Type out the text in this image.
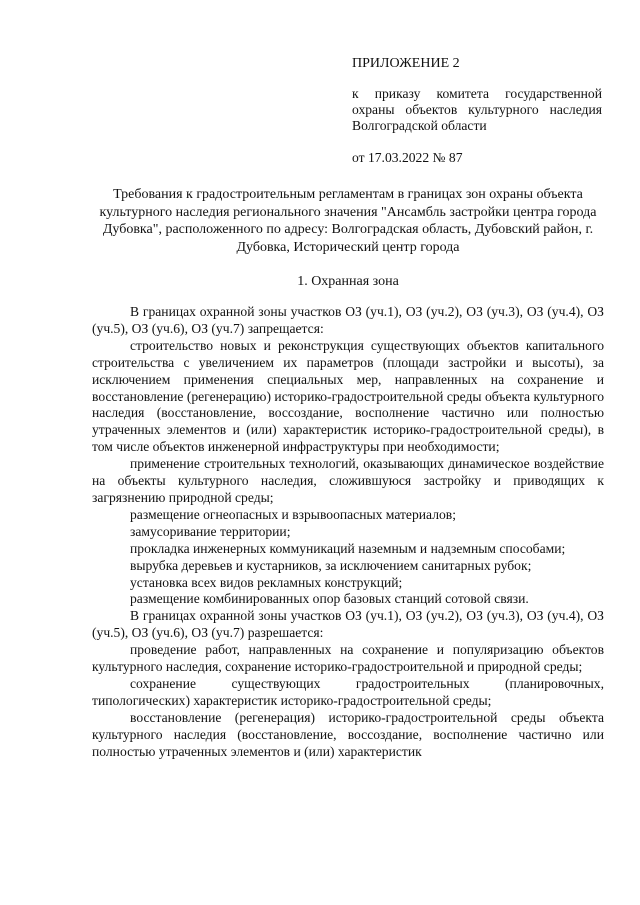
ПРИЛОЖЕНИЕ 2
к приказу комитета государственной охраны объектов культурного наследия Волгоградской области
от 17.03.2022 № 87
Требования к градостроительным регламентам в границах зон охраны объекта культурного наследия регионального значения "Ансамбль застройки центра города Дубовка", расположенного по адресу: Волгоградская область, Дубовский район, г. Дубовка, Исторический центр города
1. Охранная зона

В границах охранной зоны участков ОЗ (уч.1), ОЗ (уч.2), ОЗ (уч.3), ОЗ (уч.4), ОЗ (уч.5), ОЗ (уч.6), ОЗ (уч.7) запрещается:

строительство новых и реконструкция существующих объектов капитального строительства с увеличением их параметров (площади застройки и высоты), за исключением применения специальных мер, направленных на сохранение и восстановление (регенерацию) историко-градостроительной среды объекта культурного наследия (восстановление, воссоздание, восполнение частично или полностью утраченных элементов и (или) характеристик историко-градостроительной среды), в том числе объектов инженерной инфраструктуры при необходимости;

применение строительных технологий, оказывающих динамическое воздействие на объекты культурного наследия, сложившуюся застройку и приводящих к загрязнению природной среды;

размещение огнеопасных и взрывоопасных материалов;

замусоривание территории;

прокладка инженерных коммуникаций наземным и надземным способами;

вырубка деревьев и кустарников, за исключением санитарных рубок;

установка всех видов рекламных конструкций;

размещение комбинированных опор базовых станций сотовой связи.

В границах охранной зоны участков ОЗ (уч.1), ОЗ (уч.2), ОЗ (уч.3), ОЗ (уч.4), ОЗ (уч.5), ОЗ (уч.6), ОЗ (уч.7) разрешается:

проведение работ, направленных на сохранение и популяризацию объектов культурного наследия, сохранение историко-градостроительной и природной среды;

сохранение существующих градостроительных (планировочных, типологических) характеристик историко-градостроительной среды;

восстановление (регенерация) историко-градостроительной среды объекта культурного наследия (восстановление, воссоздание, восполнение частично или полностью утраченных элементов и (или) характеристик
